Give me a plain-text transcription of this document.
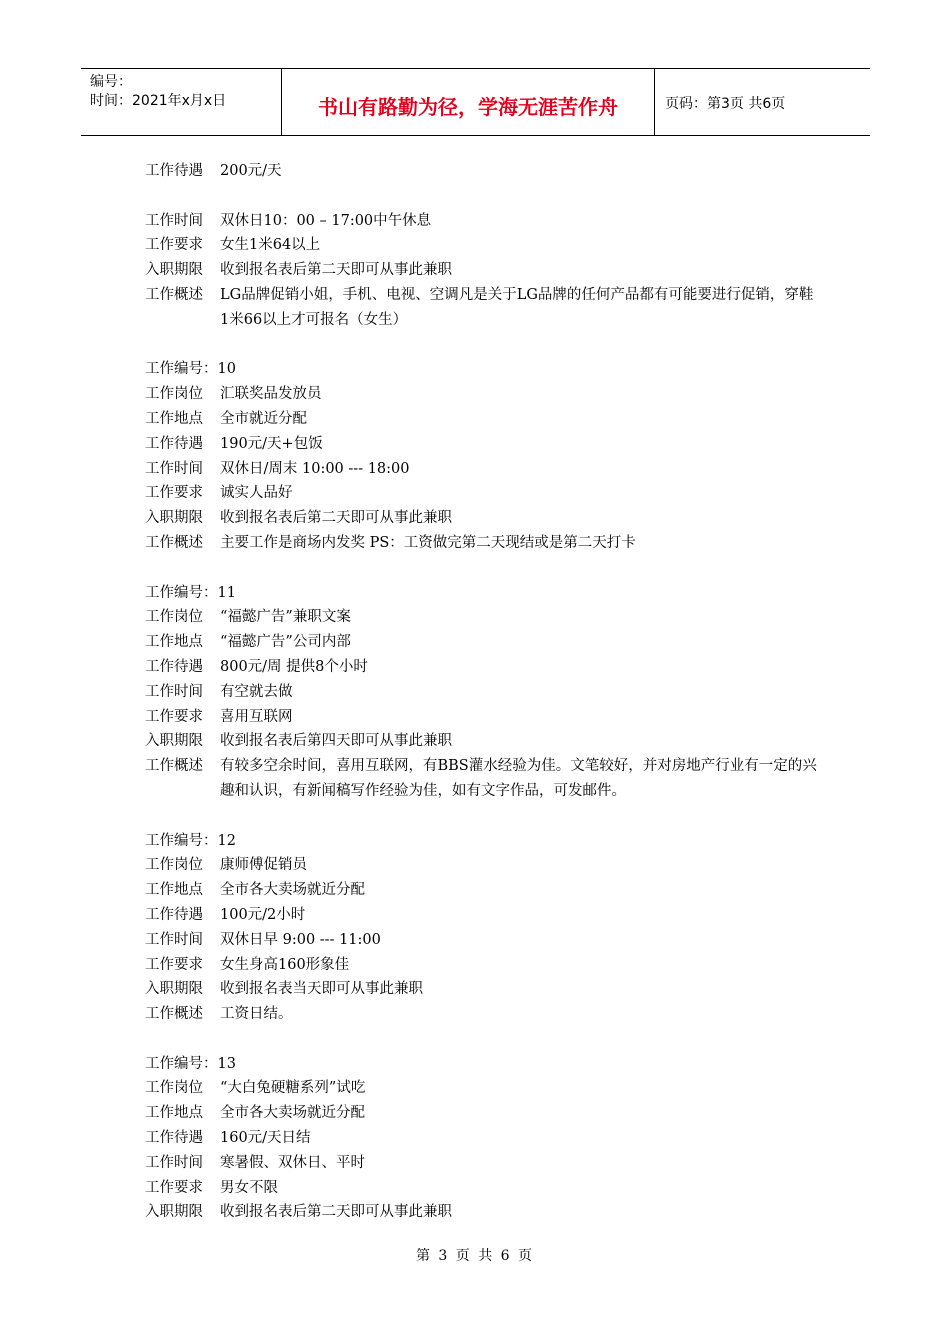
编号：
时间：2021年x月x日	书山有路勤为径，学海无涯苦作舟	页码：第3页 共6页
工作待遇	200元/天
工作时间	双休日10：00 – 17:00中午休息
工作要求	女生1米64以上
入职期限	收到报名表后第二天即可从事此兼职
工作概述	LG品牌促销小姐，手机、电视、空调凡是关于LG品牌的任何产品都有可能要进行促销，穿鞋1米66以上才可报名（女生）
工作编号：10
工作岗位	汇联奖品发放员
工作地点	全市就近分配
工作待遇	190元/天+包饭
工作时间	双休日/周末 10:00 --- 18:00
工作要求	诚实人品好
入职期限	收到报名表后第二天即可从事此兼职
工作概述	主要工作是商场内发奖 PS：工资做完第二天现结或是第二天打卡
工作编号：11
工作岗位	“福懿广告”兼职文案
工作地点	“福懿广告”公司内部
工作待遇	800元/周 提供8个小时
工作时间	有空就去做
工作要求	喜用互联网
入职期限	收到报名表后第四天即可从事此兼职
工作概述	有较多空余时间，喜用互联网，有BBS灌水经验为佳。文笔较好，并对房地产行业有一定的兴趣和认识，有新闻稿写作经验为佳，如有文字作品，可发邮件。
工作编号：12
工作岗位	康师傅促销员
工作地点	全市各大卖场就近分配
工作待遇	100元/2小时
工作时间	双休日早 9:00 --- 11:00
工作要求	女生身高160形象佳
入职期限	收到报名表当天即可从事此兼职
工作概述	工资日结。
工作编号：13
工作岗位	“大白兔硬糖系列”试吃
工作地点	全市各大卖场就近分配
工作待遇	160元/天日结
工作时间	寒暑假、双休日、平时
工作要求	男女不限
入职期限	收到报名表后第二天即可从事此兼职
第 3 页 共 6 页
